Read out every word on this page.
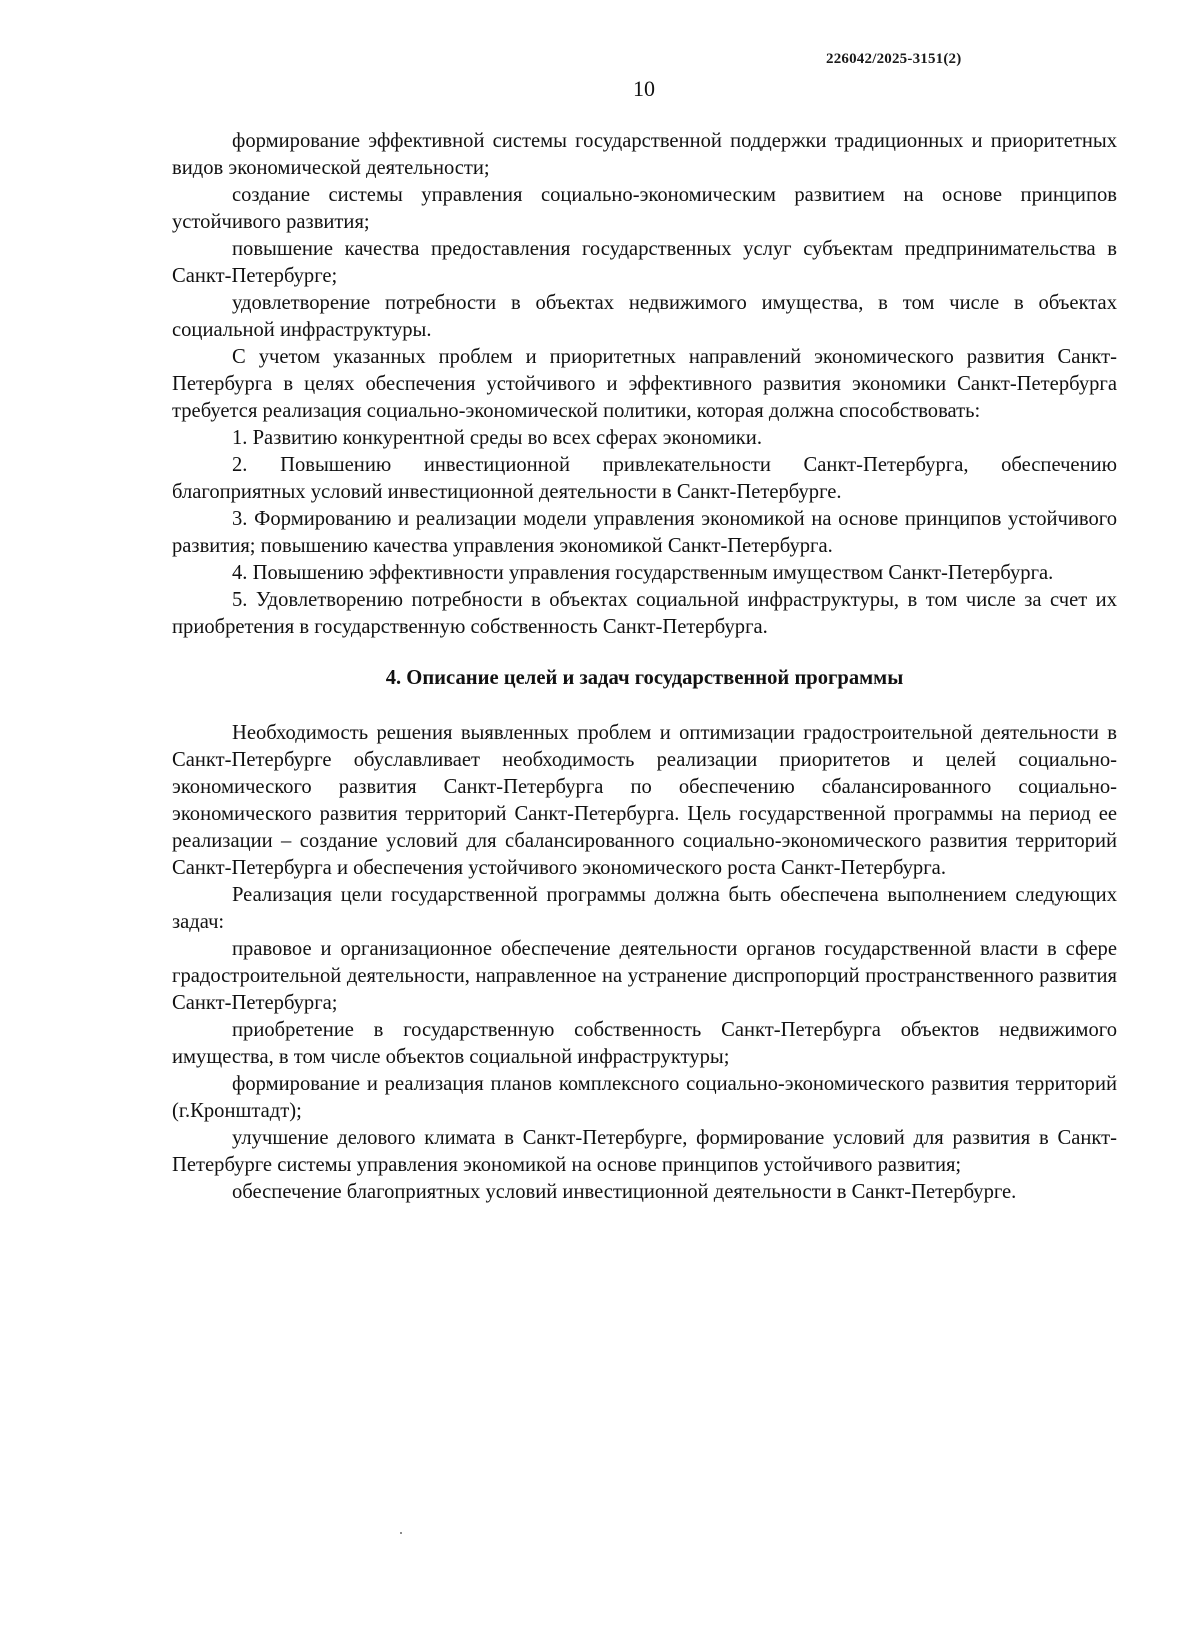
226042/2025-3151(2)
10

формирование эффективной системы государственной поддержки традиционных и приоритетных видов экономической деятельности;

создание системы управления социально-экономическим развитием на основе принципов устойчивого развития;

повышение качества предоставления государственных услуг субъектам предпринимательства в Санкт-Петербурге;

удовлетворение потребности в объектах недвижимого имущества, в том числе в объектах социальной инфраструктуры.

С учетом указанных проблем и приоритетных направлений экономического развития Санкт-Петербурга в целях обеспечения устойчивого и эффективного развития экономики Санкт-Петербурга требуется реализация социально-экономической политики, которая должна способствовать:

1. Развитию конкурентной среды во всех сферах экономики.

2. Повышению инвестиционной привлекательности Санкт-Петербурга, обеспечению благоприятных условий инвестиционной деятельности в Санкт-Петербурге.

3. Формированию и реализации модели управления экономикой на основе принципов устойчивого развития; повышению качества управления экономикой Санкт-Петербурга.

4. Повышению эффективности управления государственным имуществом Санкт-Петербурга.

5. Удовлетворению потребности в объектах социальной инфраструктуры, в том числе за счет их приобретения в государственную собственность Санкт-Петербурга.

4. Описание целей и задач государственной программы

Необходимость решения выявленных проблем и оптимизации градостроительной деятельности в Санкт-Петербурге обуславливает необходимость реализации приоритетов и целей социально-экономического развития Санкт-Петербурга по обеспечению сбалансированного социально-экономического развития территорий Санкт-Петербурга. Цель государственной программы на период ее реализации – создание условий для сбалансированного социально-экономического развития территорий Санкт-Петербурга и обеспечения устойчивого экономического роста Санкт-Петербурга.

Реализация цели государственной программы должна быть обеспечена выполнением следующих задач:

правовое и организационное обеспечение деятельности органов государственной власти в сфере градостроительной деятельности, направленное на устранение диспропорций пространственного развития Санкт-Петербурга;

приобретение в государственную собственность Санкт-Петербурга объектов недвижимого имущества, в том числе объектов социальной инфраструктуры;

формирование и реализация планов комплексного социально-экономического развития территорий (г.Кронштадт);

улучшение делового климата в Санкт-Петербурге, формирование условий для развития в Санкт-Петербурге системы управления экономикой на основе принципов устойчивого развития;

обеспечение благоприятных условий инвестиционной деятельности в Санкт-Петербурге.
